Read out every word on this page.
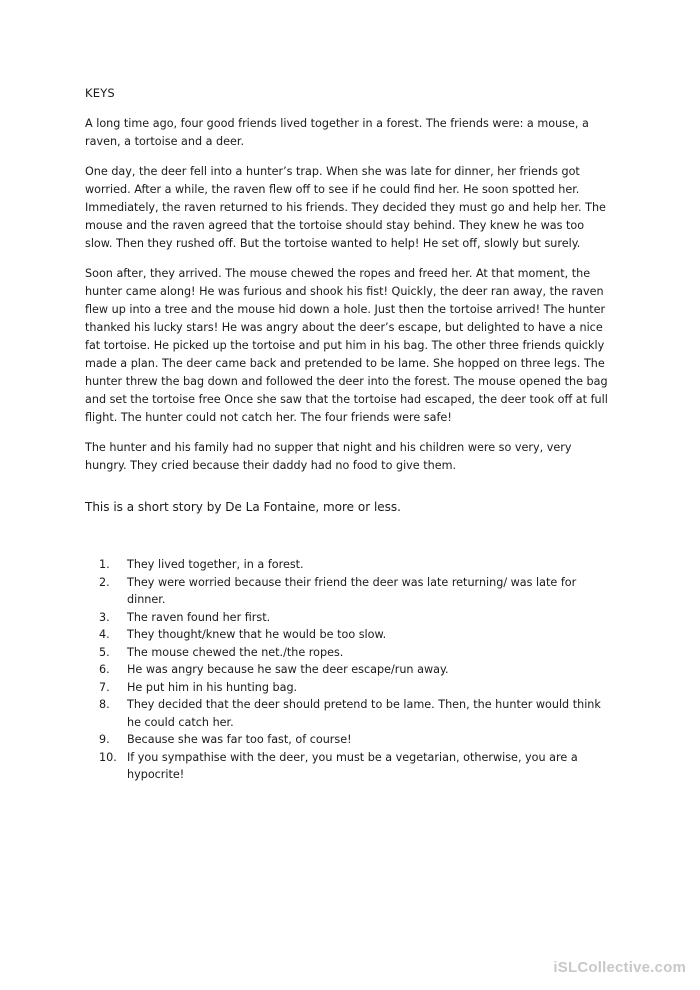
KEYS

A long time ago, four good friends lived together in a forest. The friends were: a mouse, a raven, a tortoise and a deer.

One day, the deer fell into a hunter’s trap. When she was late for dinner, her friends got worried. After a while, the raven flew off to see if he could find her. He soon spotted her. Immediately, the raven returned to his friends. They decided they must go and help her. The mouse and the raven agreed that the tortoise should stay behind. They knew he was too slow. Then they rushed off. But the tortoise wanted to help! He set off, slowly but surely.

Soon after, they arrived. The mouse chewed the ropes and freed her. At that moment, the hunter came along! He was furious and shook his fist! Quickly, the deer ran away, the raven flew up into a tree and the mouse hid down a hole. Just then the tortoise arrived! The hunter thanked his lucky stars! He was angry about the deer’s escape, but delighted to have a nice fat tortoise. He picked up the tortoise and put him in his bag. The other three friends quickly made a plan. The deer came back and pretended to be lame. She hopped on three legs. The hunter threw the bag down and followed the deer into the forest. The mouse opened the bag and set the tortoise free Once she saw that the tortoise had escaped, the deer took off at full flight. The hunter could not catch her. The four friends were safe!

The hunter and his family had no supper that night and his children were so very, very hungry. They cried because their daddy had no food to give them.

This is a short story by De La Fontaine, more or less.

1.	They lived together, in a forest.
2.	They were worried because their friend the deer was late returning/ was late for dinner.
3.	The raven found her first.
4.	They thought/knew that he would be too slow.
5.	The mouse chewed the net./the ropes.
6.	He was angry because he saw the deer escape/run away.
7.	He put him in his hunting bag.
8.	They decided that the deer should pretend to be lame. Then, the hunter would think he could catch her.
9.	Because she was far too fast, of course!
10. If you sympathise with the deer, you must be a vegetarian, otherwise, you are a hypocrite!
iSLCollective.com
